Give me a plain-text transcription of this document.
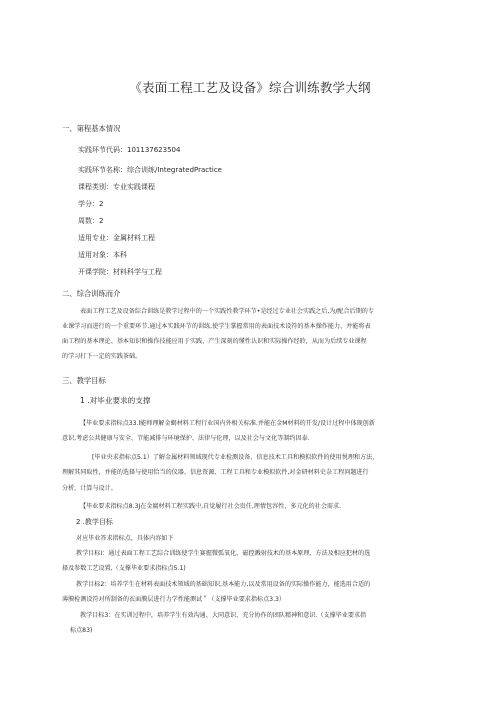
《表面工程工艺及设备》综合训练教学大纲
一、第程基本情况
实践环节代码：101137623504
实践环节名称：综合训练/IntegratedPractice
课程类别：专业实践课程
学分：2
周数：2
适用专业：金属材料工程
适用对象：本科
开课学院：材料科学与工程
二、综合训练而介
表面工程工艺及设备综合训练是教学过程中的一个实践性教学环节•是经过专业社会实践之后,为/配合后期的专
业课学习而进行的一个重要环节.通过本实践环节的训练,使学生掌握常用的表面技术设符的基本操作能力，并能将表
面工程的基本理论、基本知识和操作技能应用于实践，产生深刻的懂性认识和实际操作经聆，从而为后续专业课程
的学习打下一定的实践茶础。
三、教学目标
1 .对毕业要求的支撑
【毕业要求指标点33.l能师理解金蝎材料工程行业国内外相关标准.并能在金M材料的开发/设计过程中体现创新
意识,考虑公共健康与安全、节能减排与环境保护、法律与伦理，以及社会与文化等制约因泰.
[毕业央求指标点5.1）了解金属材料领域现代专业检测设备、信息技术工具和模拟软件的使用悦理和方法，
理解其同取性，并能的选择与使用恰当的仪器、信息资源、工程工具和专业模拟软件,对金研材料史杂工程问题进行
分析，计算与设计。
【毕业要求指标点8.3J在金腐材料工程实践中,自觉履行社会贵任,理情包容性、多元化的社会需求.
2 .教学目标
对应毕业答求指标点，具体内容如下
教学目标I：通过表面工程工艺综合训练使学生赛握微弧氧化、磁控溅射技术的基本原理、方法及相应犯材的选
择及参数工艺设置,（支撑毕业要求指标点5.1)
教学目标2：培养学生在材料表面技术领域的基础知识,基本能力,以及常用设备的实际操作能力，能选用合适的
薄膜检测设符对所制备的衣面膜层进行力学性能测试＂（支撑毕业要求指标点3.3）
教学目标3：在实训过程中，培养学生有效沟通、大同意识、充分协作的团队精神和意识.（支撑毕业要求指
标点83)
